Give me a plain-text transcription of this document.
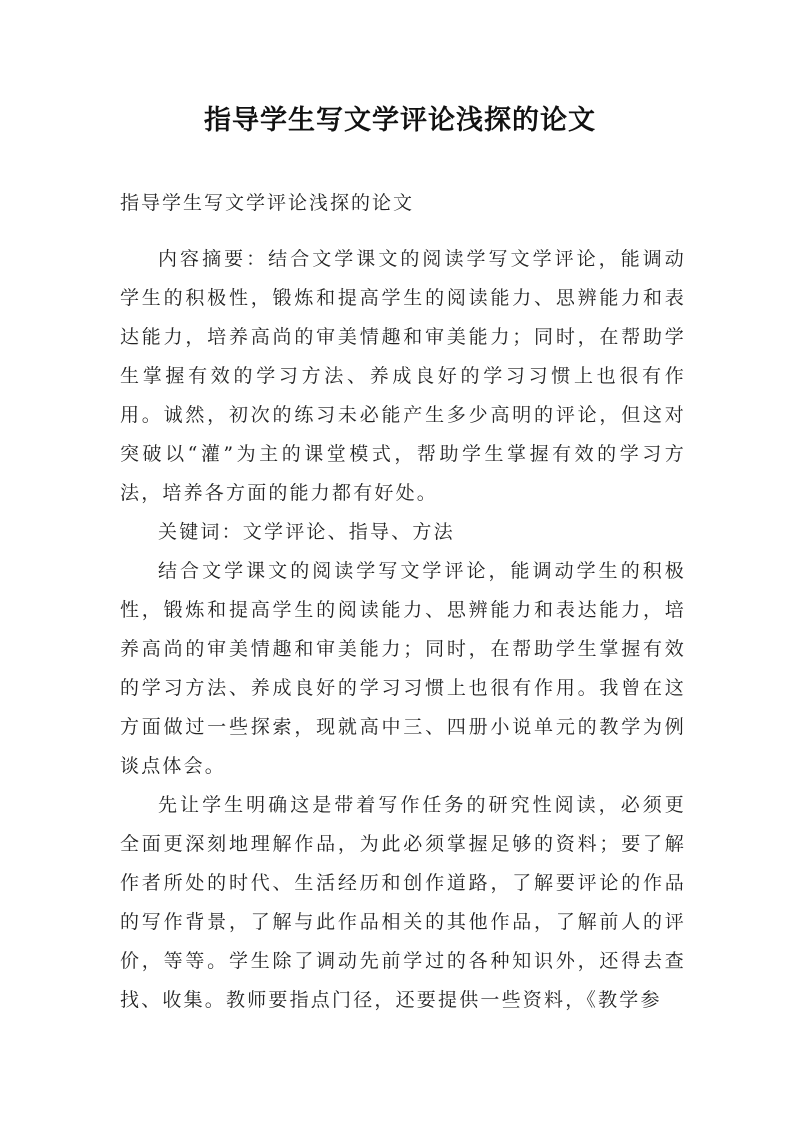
指导学生写文学评论浅探的论文

指导学生写文学评论浅探的论文

内容摘要：结合文学课文的阅读学写文学评论，能调动学生的积极性，锻炼和提高学生的阅读能力、思辨能力和表达能力，培养高尚的审美情趣和审美能力；同时，在帮助学生掌握有效的学习方法、养成良好的学习习惯上也很有作用。诚然，初次的练习未必能产生多少高明的评论，但这对突破以“灌”为主的课堂模式，帮助学生掌握有效的学习方法，培养各方面的能力都有好处。

关键词：文学评论、指导、方法

结合文学课文的阅读学写文学评论，能调动学生的积极性，锻炼和提高学生的阅读能力、思辨能力和表达能力，培养高尚的审美情趣和审美能力；同时，在帮助学生掌握有效的学习方法、养成良好的学习习惯上也很有作用。我曾在这方面做过一些探索，现就高中三、四册小说单元的教学为例谈点体会。

先让学生明确这是带着写作任务的研究性阅读，必须更全面更深刻地理解作品，为此必须掌握足够的资料；要了解作者所处的时代、生活经历和创作道路，了解要评论的作品的写作背景，了解与此作品相关的其他作品，了解前人的评价，等等。学生除了调动先前学过的各种知识外，还得去查找、收集。教师要指点门径，还要提供一些资料，《教学参
